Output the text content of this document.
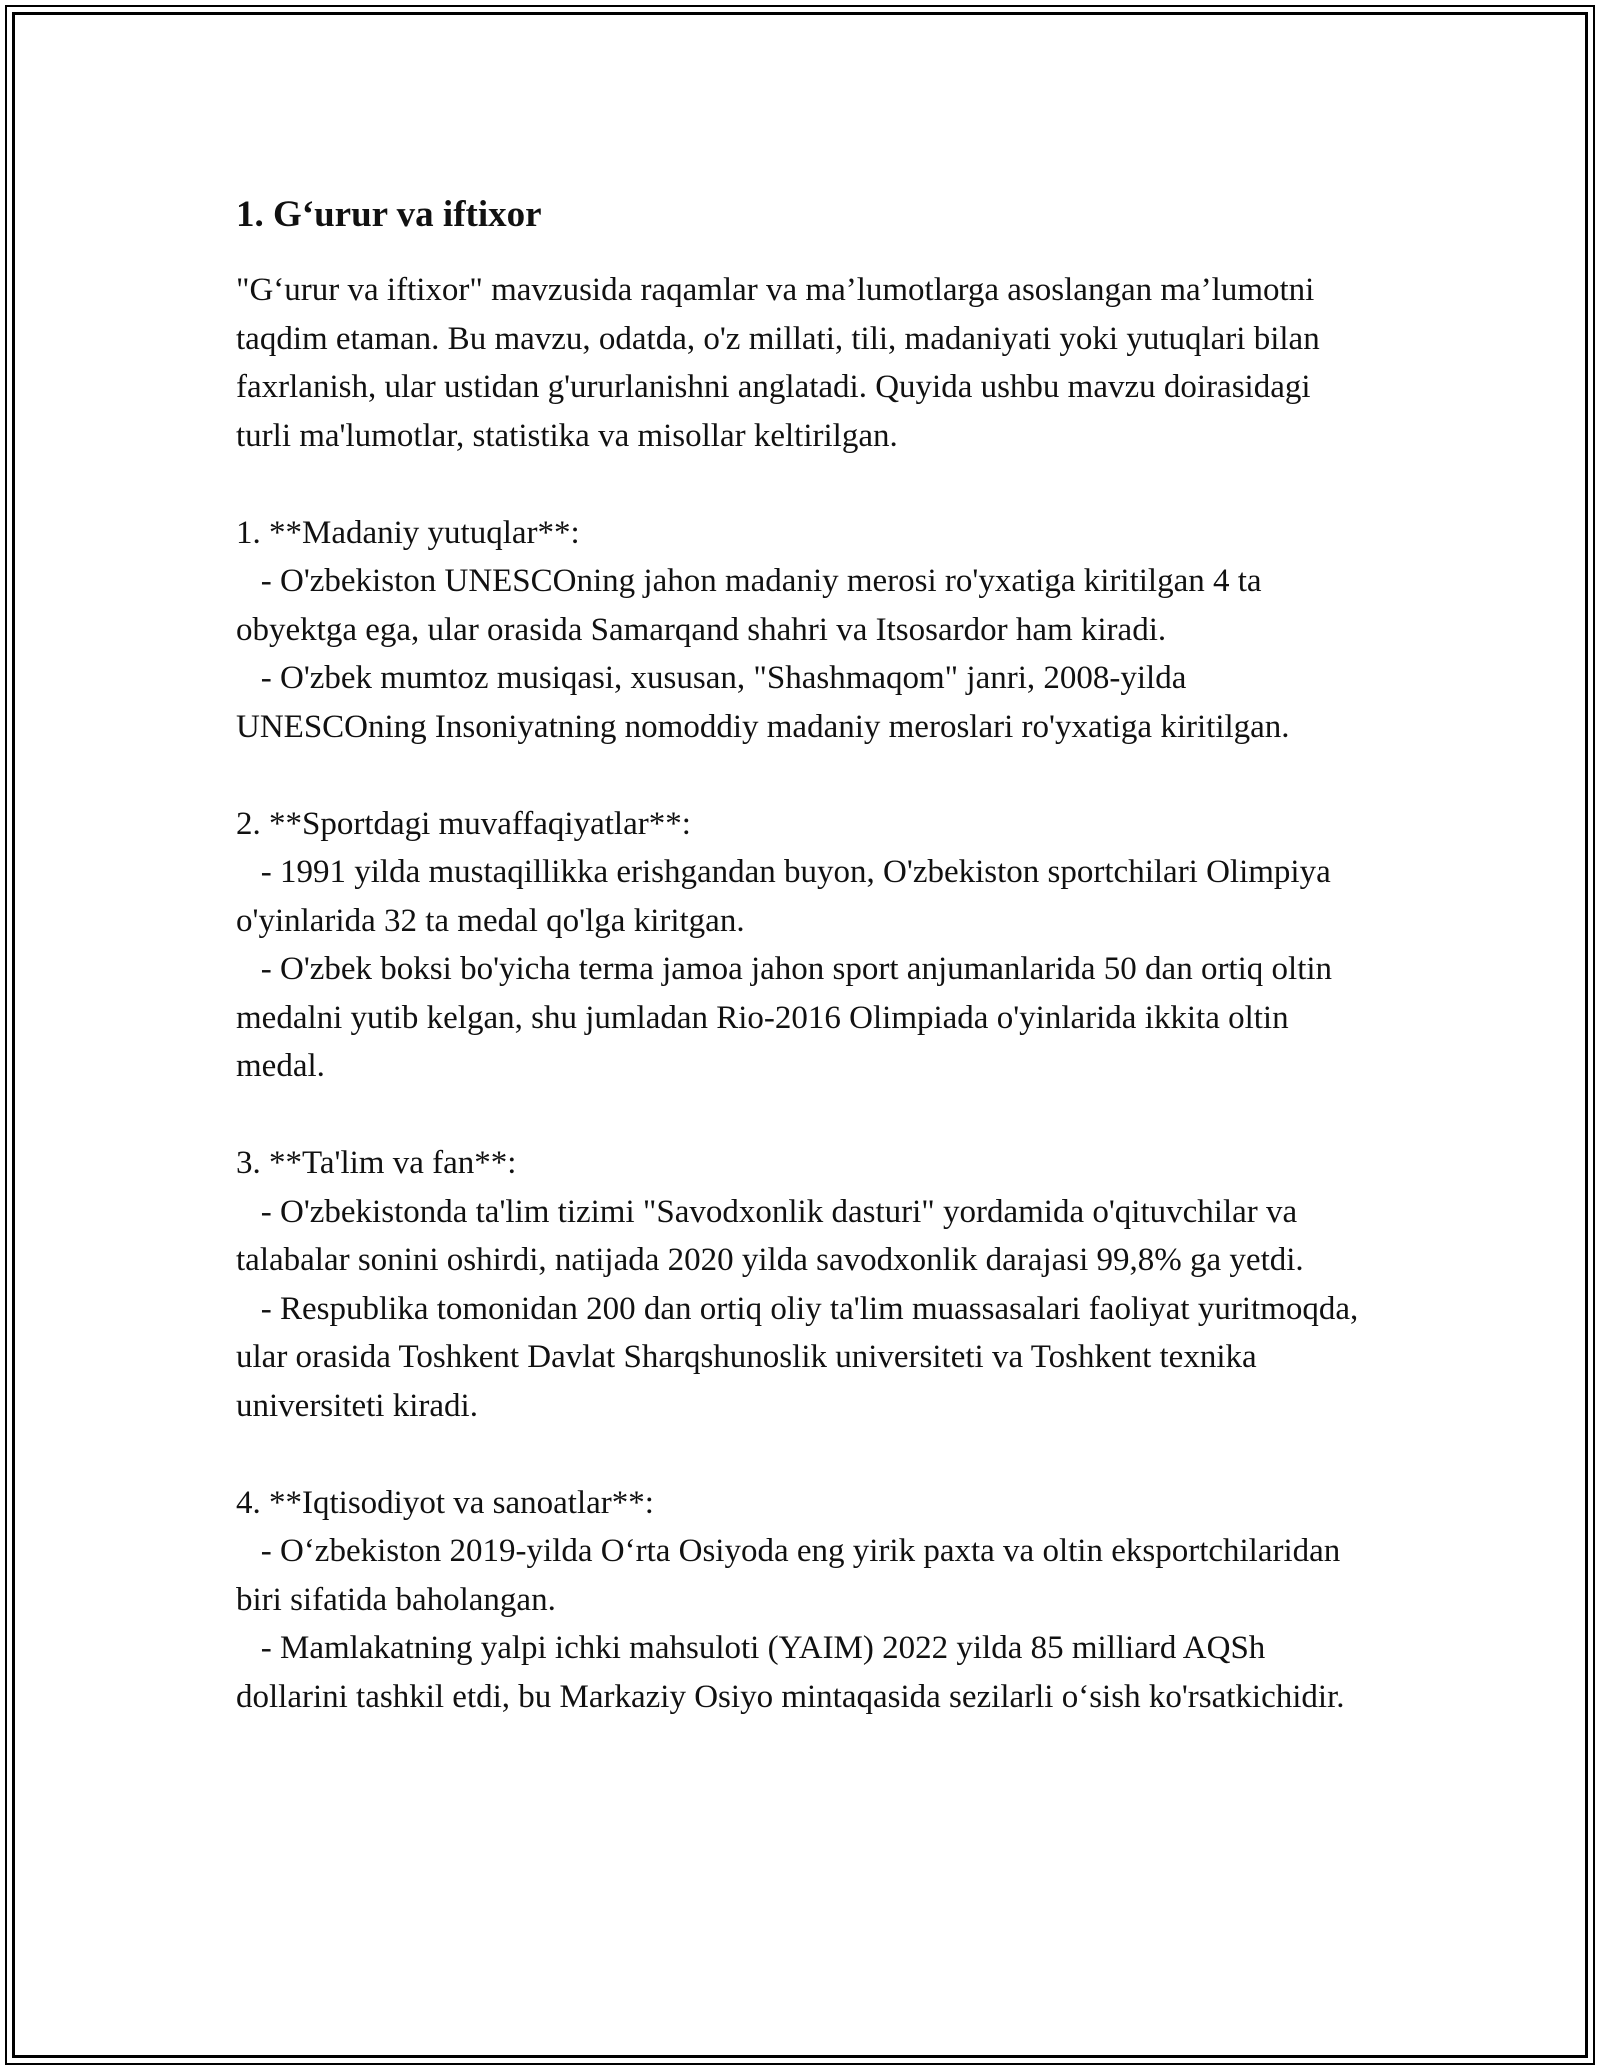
1. G‘urur va iftixor

"G‘urur va iftixor" mavzusida raqamlar va ma’lumotlarga asoslangan ma’lumotni taqdim etaman. Bu mavzu, odatda, o'z millati, tili, madaniyati yoki yutuqlari bilan faxrlanish, ular ustidan g'ururlanishni anglatadi. Quyida ushbu mavzu doirasidagi turli ma'lumotlar, statistika va misollar keltirilgan.

1. **Madaniy yutuqlar**:

- O'zbekiston UNESCOning jahon madaniy merosi ro'yxatiga kiritilgan 4 ta obyektga ega, ular orasida Samarqand shahri va Itsosardor ham kiradi.

- O'zbek mumtoz musiqasi, xususan, "Shashmaqom" janri, 2008-yilda UNESCOning Insoniyatning nomoddiy madaniy meroslari ro'yxatiga kiritilgan.

2. **Sportdagi muvaffaqiyatlar**:

- 1991 yilda mustaqillikka erishgandan buyon, O'zbekiston sportchilari Olimpiya o'yinlarida 32 ta medal qo'lga kiritgan.

- O'zbek boksi bo'yicha terma jamoa jahon sport anjumanlarida 50 dan ortiq oltin medalni yutib kelgan, shu jumladan Rio-2016 Olimpiada o'yinlarida ikkita oltin medal.

3. **Ta'lim va fan**:

- O'zbekistonda ta'lim tizimi "Savodxonlik dasturi" yordamida o'qituvchilar va talabalar sonini oshirdi, natijada 2020 yilda savodxonlik darajasi 99,8% ga yetdi.

- Respublika tomonidan 200 dan ortiq oliy ta'lim muassasalari faoliyat yuritmoqda, ular orasida Toshkent Davlat Sharqshunoslik universiteti va Toshkent texnika universiteti kiradi.

4. **Iqtisodiyot va sanoatlar**:

- O‘zbekiston 2019-yilda O‘rta Osiyoda eng yirik paxta va oltin eksportchilaridan biri sifatida baholangan.

- Mamlakatning yalpi ichki mahsuloti (YAIM) 2022 yilda 85 milliard AQSh dollarini tashkil etdi, bu Markaziy Osiyo mintaqasida sezilarli o‘sish ko'rsatkichidir.
